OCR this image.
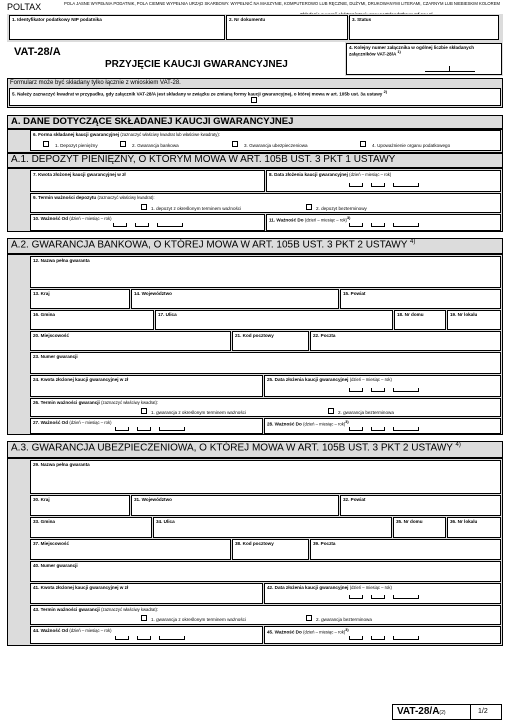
POLTAX	POLA JASNE WYPEŁNIA PODATNIK, POLA CIEMNE WYPEŁNIA URZĄD SKARBOWY. WYPEŁNIĆ NA MASZYNIE, KOMPUTEROWO LUB RĘCZNIE, DUŻYMI, DRUKOWANYMI LITERAMI, CZARNYM LUB NIEBIESKIM KOLOREM
1. Identyfikator podatkowy NIP podatnika	2. Nr dokumentu	3. Status
VAT-28/A
PRZYJĘCIE KAUCJI GWARANCYJNEJ
4. Kolejny numer załącznika w ogólnej liczbie składanych załączników VAT-28/A $^{1)}$
Formularz może być składany tylko łącznie z wnioskiem VAT-28.
5. Należy zaznaczyć kwadrat w przypadku, gdy załącznik VAT-28/A jest składany w związku ze zmianą formy kaucji gwarancyjnej, o której mowa w art. 105b ust. 3a ustawy $^{2)}$
A. DANE DOTYCZĄCE SKŁADANEJ KAUCJI GWARANCYJNEJ
6. Forma składanej kaucji gwarancyjnej (zaznaczyć właściwy kwadrat lub właściwe kwadraty):
1. Depozyt pieniężny	2. Gwarancja bankowa	3. Gwarancja ubezpieczeniowa	4. Upoważnienie organu podatkowego
A.1. DEPOZYT PIENIĘŻNY, O KTÓRYM MOWA W ART. 105B UST. 3 PKT 1 USTAWY
7. Kwota złożonej kaucji gwarancyjnej w zł	8. Data złożenia kaucji gwarancyjnej (dzień – miesiąc – rok)
9. Termin ważności depozytu (zaznaczyć właściwy kwadrat):
1. depozyt z określonym terminem ważności	2. depozyt bezterminowy
10. Ważność Od (dzień – miesiąc – rok)	11. Ważność Do (dzień – miesiąc – rok)$^{3)}$
A.2. GWARANCJA BANKOWA, O KTÓREJ MOWA W ART. 105B UST. 3 PKT 2 USTAWY $^{4)}$
12. Nazwa pełna gwaranta
13. Kraj	14. Województwo	15. Powiat
16. Gmina	17. Ulica	18. Nr domu	19. Nr lokalu
20. Miejscowość	21. Kod pocztowy	22. Poczta
23. Numer gwarancji
24. Kwota złożonej kaucji gwarancyjnej w zł	25. Data złożenia kaucji gwarancyjnej (dzień – miesiąc – rok)
26. Termin ważności gwarancji (zaznaczyć właściwy kwadrat):
1. gwarancja z określonym terminem ważności	2. gwarancja bezterminowa
27. Ważność Od (dzień – miesiąc – rok)	28. Ważność Do (dzień – miesiąc – rok)$^{3)}$
A.3. GWARANCJA UBEZPIECZENIOWA, O KTÓREJ MOWA W ART. 105B UST. 3 PKT 2 USTAWY $^{4)}$
29. Nazwa pełna gwaranta
30. Kraj	31. Województwo	32. Powiat
33. Gmina	34. Ulica	35. Nr domu	36. Nr lokalu
37. Miejscowość	38. Kod pocztowy	39. Poczta
40. Numer gwarancji
41. Kwota złożonej kaucji gwarancyjnej w zł	42. Data złożenia kaucji gwarancyjnej (dzień – miesiąc – rok)
43. Termin ważności gwarancji (zaznaczyć właściwy kwadrat):
1. gwarancja z określonym terminem ważności	2. gwarancja bezterminowa
44. Ważność Od (dzień – miesiąc – rok)	45. Ważność Do (dzień – miesiąc – rok)$^{3)}$
VAT-28/A(2)	1/2
